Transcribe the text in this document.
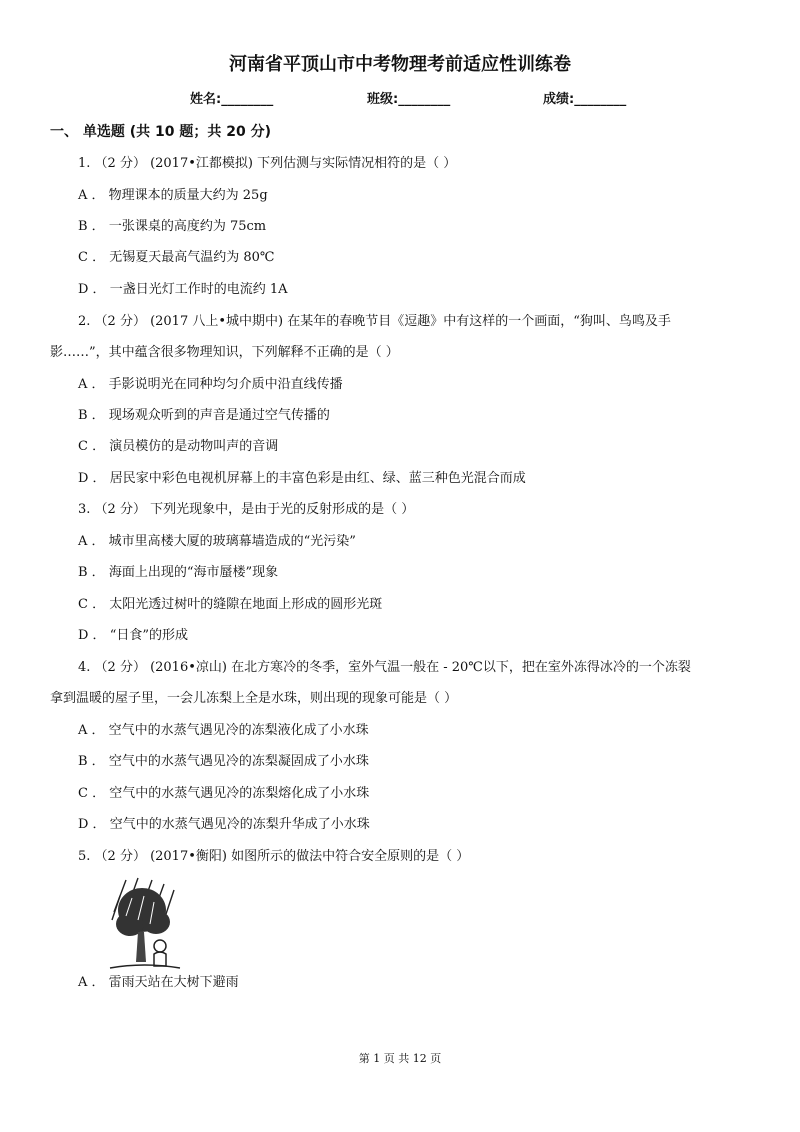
河南省平顶山市中考物理考前适应性训练卷
姓名:________	班级:________	成绩:________
一、 单选题 (共 10 题；共 20 分)
1. （2 分） (2017•江都模拟) 下列估测与实际情况相符的是（ ）
A ． 物理课本的质量大约为 25g
B ． 一张课桌的高度约为 75cm
C ． 无锡夏天最高气温约为 80℃
D ． 一盏日光灯工作时的电流约 1A
2. （2 分） (2017 八上•城中期中) 在某年的春晚节目《逗趣》中有这样的一个画面，“狗叫、鸟鸣及手
影……”，其中蕴含很多物理知识，下列解释不正确的是（ ）
A ． 手影说明光在同种均匀介质中沿直线传播
B ． 现场观众听到的声音是通过空气传播的
C ． 演员模仿的是动物叫声的音调
D ． 居民家中彩色电视机屏幕上的丰富色彩是由红、绿、蓝三种色光混合而成
3. （2 分） 下列光现象中，是由于光的反射形成的是（ ）
A ． 城市里高楼大厦的玻璃幕墙造成的“光污染”
B ． 海面上出现的“海市蜃楼”现象
C ． 太阳光透过树叶的缝隙在地面上形成的圆形光斑
D ． “日食”的形成
4. （2 分） (2016•凉山) 在北方寒冷的冬季，室外气温一般在 - 20℃以下，把在室外冻得冰冷的一个冻裂
拿到温暖的屋子里，一会儿冻梨上全是水珠，则出现的现象可能是（ ）
A ． 空气中的水蒸气遇见冷的冻梨液化成了小水珠
B ． 空气中的水蒸气遇见冷的冻梨凝固成了小水珠
C ． 空气中的水蒸气遇见冷的冻梨熔化成了小水珠
D ． 空气中的水蒸气遇见冷的冻梨升华成了小水珠
5. （2 分） (2017•衡阳) 如图所示的做法中符合安全原则的是（ ）
A ． 雷雨天站在大树下避雨
第 1 页 共 12 页
